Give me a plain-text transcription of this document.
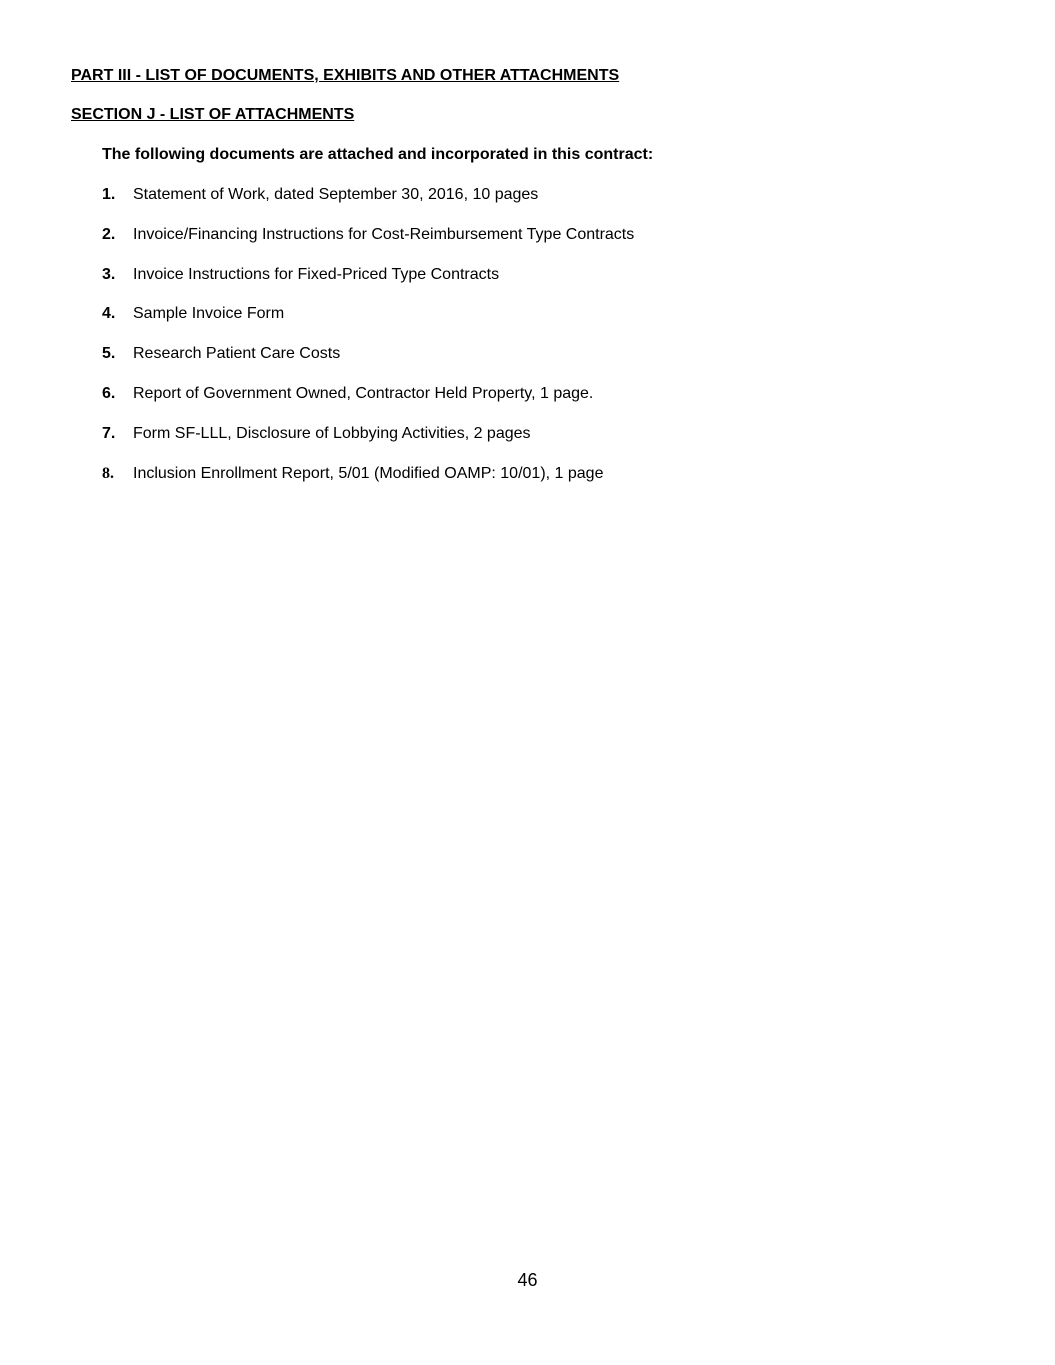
PART III - LIST OF DOCUMENTS, EXHIBITS AND OTHER ATTACHMENTS
SECTION J - LIST OF ATTACHMENTS
The following documents are attached and incorporated in this contract:
1.	Statement of Work, dated September 30, 2016, 10 pages
2.	Invoice/Financing Instructions for Cost-Reimbursement Type Contracts
3.	Invoice Instructions for Fixed-Priced Type Contracts
4.	Sample Invoice Form
5.	Research Patient Care Costs
6.	Report of Government Owned, Contractor Held Property, 1 page.
7.	Form SF-LLL, Disclosure of Lobbying Activities, 2 pages
8.	Inclusion Enrollment Report, 5/01 (Modified OAMP: 10/01), 1 page
46
